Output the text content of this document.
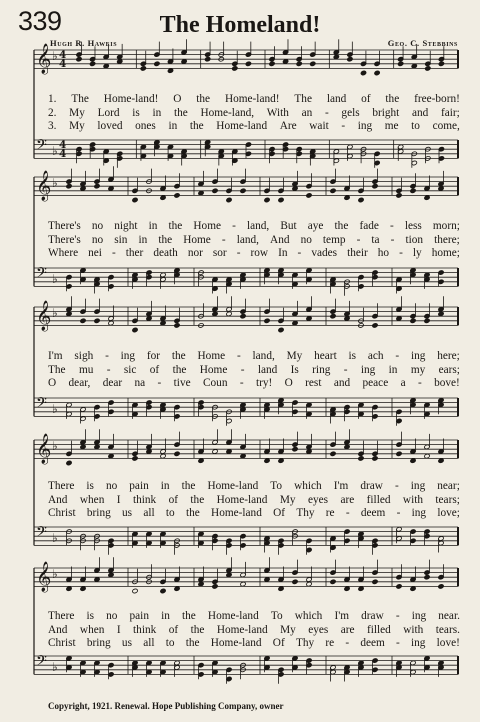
339	The Homeland!
Hugh R. Haweis	Geo. C. Stebbins
𝄞 ♭ 4
4
𝄢 ♭ 4
4
𝄞 ♭
𝄢 ♭
𝄞 ♭
𝄢 ♭
𝄞 ♭
𝄢 ♭
𝄞 ♭
𝄢 ♭
1. The Home-land! O the Home-land! The land of the free-born!
2. My Lord is in the Home-land, With an - gels bright and fair;
3. My loved ones in the Home-land Are wait - ing me to come,
There's no night in the Home - land, But aye the fade - less morn;
There's no sin in the Home - land, And no temp - ta - tion there;
Where nei - ther death nor sor - row In - vades their ho - ly home;
I'm sigh - ing for the Home - land, My heart is ach - ing here;
The mu - sic of the Home - land Is ring - ing in my ears;
O dear, dear na - tive Coun - try! O rest and peace a - bove!
There is no pain in the Home-land To which I'm draw - ing near;
And when I think of the Home-land My eyes are filled with tears;
Christ bring us all to the Home-land Of Thy re - deem - ing love;
There is no pain in the Home-land To which I'm draw - ing near.
And when I think of the Home-land My eyes are filled with tears.
Christ bring us all to the Home-land Of Thy re - deem - ing love!
Copyright, 1921. Renewal. Hope Publishing Company, owner
